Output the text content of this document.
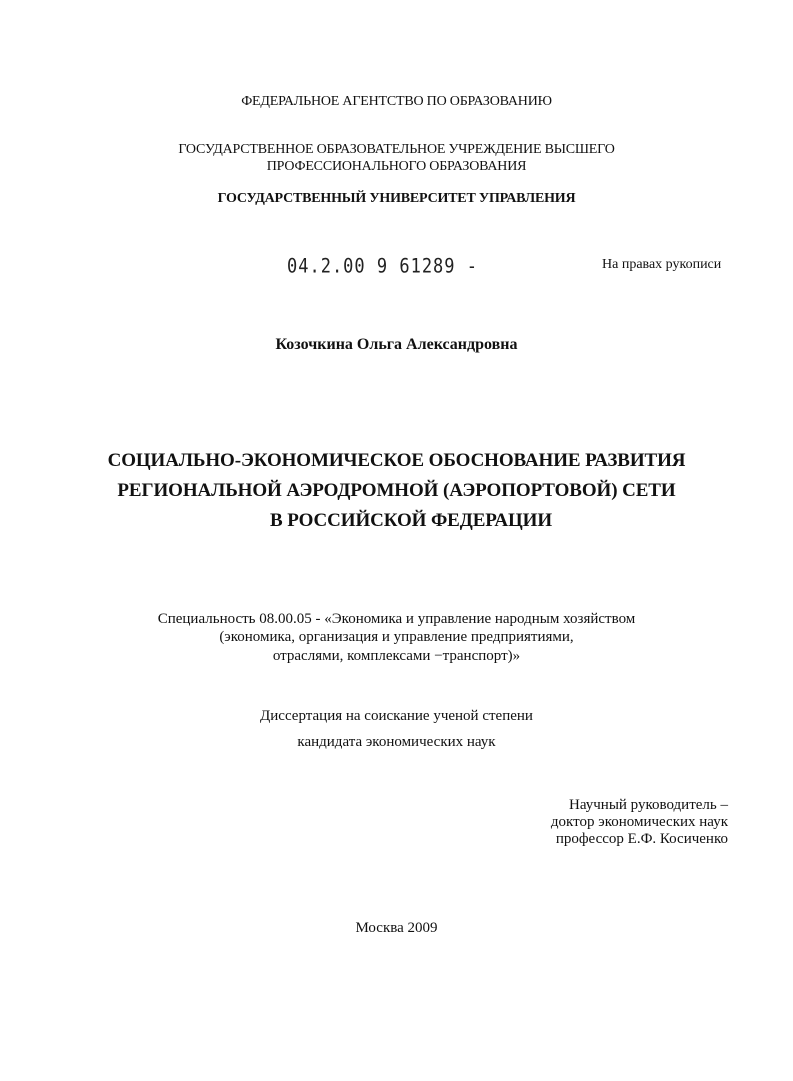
ФЕДЕРАЛЬНОЕ АГЕНТСТВО ПО ОБРАЗОВАНИЮ
ГОСУДАРСТВЕННОЕ ОБРАЗОВАТЕЛЬНОЕ УЧРЕЖДЕНИЕ ВЫСШЕГО
ПРОФЕССИОНАЛЬНОГО ОБРАЗОВАНИЯ
ГОСУДАРСТВЕННЫЙ УНИВЕРСИТЕТ УПРАВЛЕНИЯ
04.2.00 9 61289 -	На правах рукописи
Козочкина Ольга Александровна
СОЦИАЛЬНО-ЭКОНОМИЧЕСКОЕ ОБОСНОВАНИЕ РАЗВИТИЯ
РЕГИОНАЛЬНОЙ АЭРОДРОМНОЙ (АЭРОПОРТОВОЙ) СЕТИ
В РОССИЙСКОЙ ФЕДЕРАЦИИ
Специальность 08.00.05 - «Экономика и управление народным хозяйством
(экономика, организация и управление предприятиями,
отраслями, комплексами −транспорт)»
Диссертация на соискание ученой степени
кандидата экономических наук
Научный руководитель –
доктор экономических наук
профессор Е.Ф. Косиченко
Москва 2009
